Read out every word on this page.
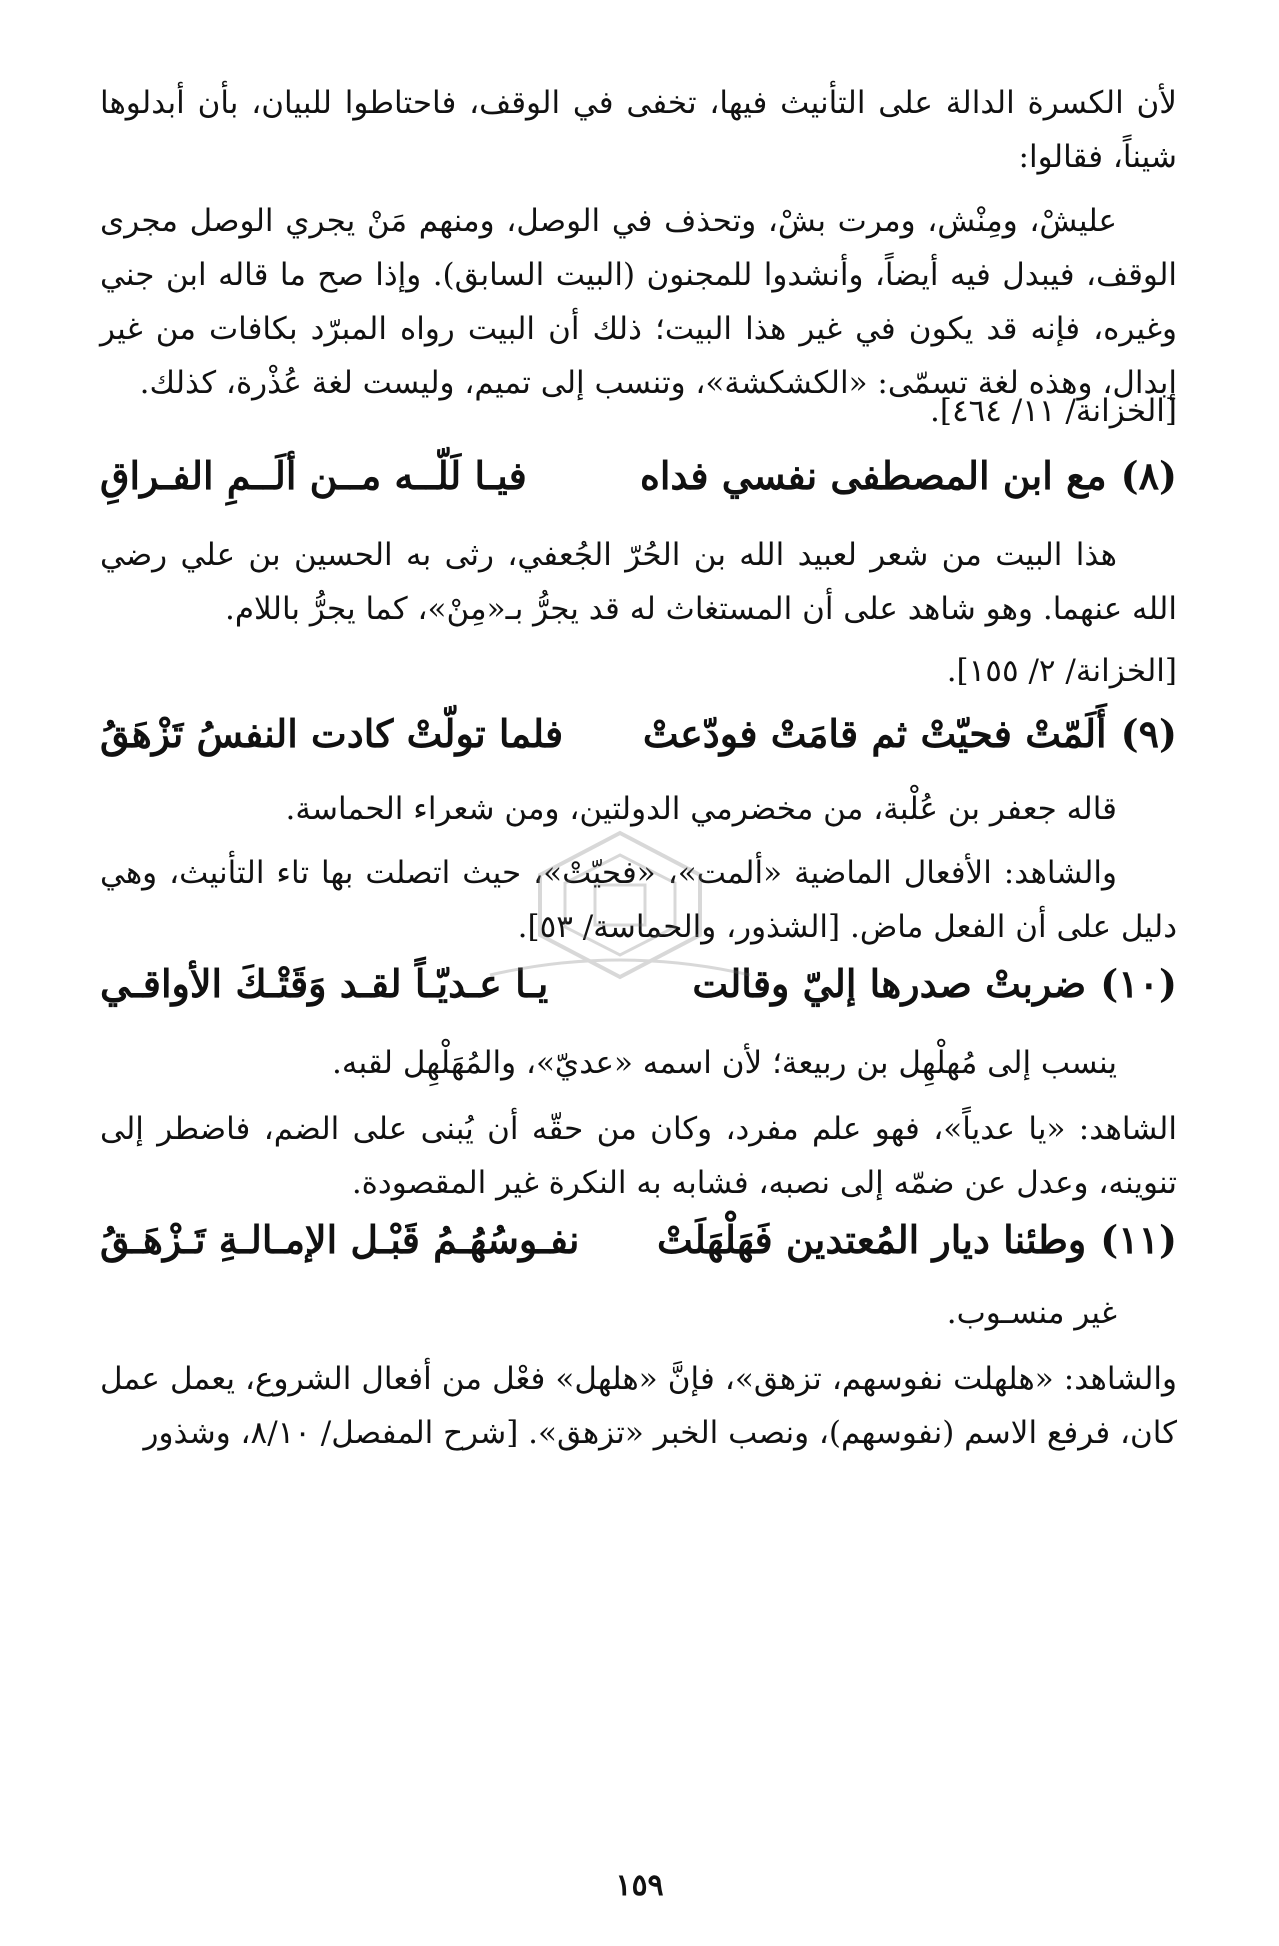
لأن الكسرة الدالة على التأنيث فيها، تخفى في الوقف، فاحتاطوا للبيان، بأن أبدلوها شيناً، فقالوا:

عليشْ، ومِنْش، ومرت بشْ، وتحذف في الوصل، ومنهم مَنْ يجري الوصل مجرى الوقف، فيبدل فيه أيضاً، وأنشدوا للمجنون (البيت السابق). وإذا صح ما قاله ابن جني وغيره، فإنه قد يكون في غير هذا البيت؛ ذلك أن البيت رواه المبرّد بكافات من غير إبدال، وهذه لغة تسمّى: «الكشكشة»، وتنسب إلى تميم، وليست لغة عُذْرة، كذلك.

[الخزانة/ ١١/ ٤٦٤].

(٨)
مع ابن المصطفى نفسي فداه
فيـا لَلّــه مــن ألَــمِ الفـراقِ

هذا البيت من شعر لعبيد الله بن الحُرّ الجُعفي، رثى به الحسين بن علي رضي الله عنهما. وهو شاهد على أن المستغاث له قد يجرُّ بـ«مِنْ»، كما يجرُّ باللام.

[الخزانة/ ٢/ ١٥٥].

(٩)
أَلَمّتْ فحيّتْ ثم قامَتْ فودّعتْ
فلما تولّتْ كادت النفسُ تَزْهَقُ

قاله جعفر بن عُلْبة، من مخضرمي الدولتين، ومن شعراء الحماسة.

والشاهد: الأفعال الماضية «ألمت»، «فحيّتْ»، حيث اتصلت بها تاء التأنيث، وهي دليل على أن الفعل ماض. [الشذور، والحماسة/ ٥٣].

(١٠)
ضربتْ صدرها إليّ وقالت
يـا عـديّـاً لقـد وَقَتْـكَ الأواقـي

ينسب إلى مُهلْهِل بن ربيعة؛ لأن اسمه «عديّ»، والمُهَلْهِل لقبه.

الشاهد: «يا عدياً»، فهو علم مفرد، وكان من حقّه أن يُبنى على الضم، فاضطر إلى تنوينه، وعدل عن ضمّه إلى نصبه، فشابه به النكرة غير المقصودة.

(١١)
وطئنا ديار المُعتدين فَهَلْهَلَتْ
نفـوسُهُـمُ قَبْـل الإمـالـةِ تَـزْهَـقُ

غير منسـوب.

والشاهد: «هلهلت نفوسهم، تزهق»، فإنَّ «هلهل» فعْل من أفعال الشروع، يعمل عمل كان، فرفع الاسم (نفوسهم)، ونصب الخبر «تزهق». [شرح المفصل/ ٨/١٠، وشذور

١٥٩
